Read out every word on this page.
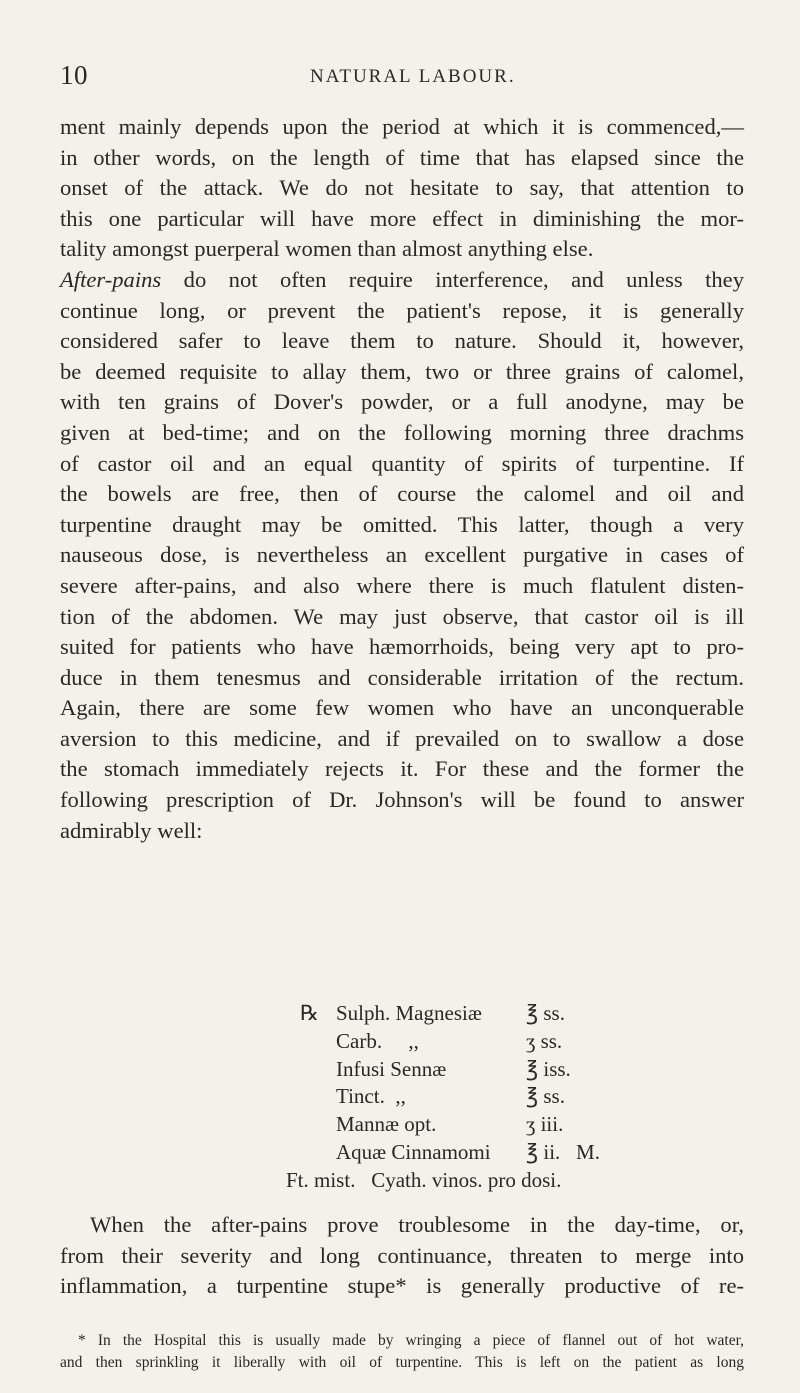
10	NATURAL LABOUR.
ment mainly depends upon the period at which it is commenced,—
in other words, on the length of time that has elapsed since the
onset of the attack. We do not hesitate to say, that attention to
this one particular will have more effect in diminishing the mor-
tality amongst puerperal women than almost anything else.
After-pains do not often require interference, and unless they
continue long, or prevent the patient's repose, it is generally
considered safer to leave them to nature. Should it, however,
be deemed requisite to allay them, two or three grains of calomel,
with ten grains of Dover's powder, or a full anodyne, may be
given at bed-time; and on the following morning three drachms
of castor oil and an equal quantity of spirits of turpentine. If
the bowels are free, then of course the calomel and oil and
turpentine draught may be omitted. This latter, though a very
nauseous dose, is nevertheless an excellent purgative in cases of
severe after-pains, and also where there is much flatulent disten-
tion of the abdomen. We may just observe, that castor oil is ill
suited for patients who have hæmorrhoids, being very apt to pro-
duce in them tenesmus and considerable irritation of the rectum.
Again, there are some few women who have an unconquerable
aversion to this medicine, and if prevailed on to swallow a dose
the stomach immediately rejects it. For these and the former the
following prescription of Dr. Johnson's will be found to answer
admirably well:
℞ Sulph. Magnesiæ ℥ ss.
Carb.     ,,	ʒ ss.
Infusi Sennæ	℥ iss.
Tinct.  ,,	℥ ss.
Mannæ opt.	ʒ iii.
Aquæ Cinnamomi ℥ ii.   M.
Ft. mist.   Cyath. vinos. pro dosi.
When the after-pains prove troublesome in the day-time, or,
from their severity and long continuance, threaten to merge into
inflammation, a turpentine stupe* is generally productive of re-
* In the Hospital this is usually made by wringing a piece of flannel out of hot water,
and then sprinkling it liberally with oil of turpentine. This is left on the patient as long
